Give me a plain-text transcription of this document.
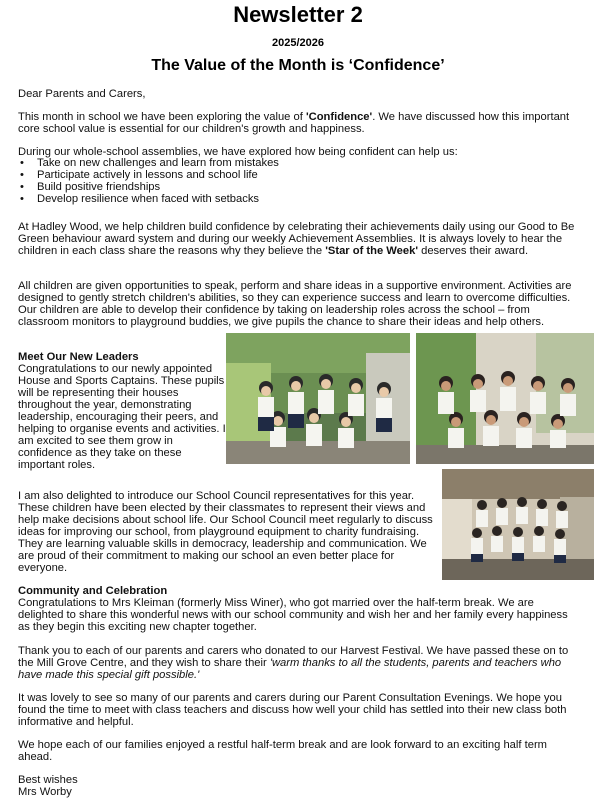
Newsletter 2
2025/2026
The Value of the Month is ‘Confidence’

Dear Parents and Carers,

This month in school we have been exploring the value of 'Confidence'. We have discussed how this important core school value is essential for our children's growth and happiness.

During our whole-school assemblies, we have explored how being confident can help us:

• Take on new challenges and learn from mistakes
• Participate actively in lessons and school life
• Build positive friendships
• Develop resilience when faced with setbacks

At Hadley Wood, we help children build confidence by celebrating their achievements daily using our Good to Be Green behaviour award system and during our weekly Achievement Assemblies. It is always lovely to hear the children in each class share the reasons why they believe the 'Star of the Week' deserves their award.

All children are given opportunities to speak, perform and share ideas in a supportive environment. Activities are designed to gently stretch children's abilities, so they can experience success and learn to overcome difficulties. Our children are able to develop their confidence by taking on leadership roles across the school – from classroom monitors to playground buddies, we give pupils the chance to share their ideas and help others.

Meet Our New Leaders
Congratulations to our newly appointed House and Sports Captains. These pupils will be representing their houses throughout the year, demonstrating leadership, encouraging their peers, and helping to organise events and activities. I am excited to see them grow in confidence as they take on these important roles.

I am also delighted to introduce our School Council representatives for this year. These children have been elected by their classmates to represent their views and help make decisions about school life. Our School Council meet regularly to discuss ideas for improving our school, from playground equipment to charity fundraising. They are learning valuable skills in democracy, leadership and communication. We are proud of their commitment to making our school an even better place for everyone.

Community and Celebration
Congratulations to Mrs Kleiman (formerly Miss Winer), who got married over the half-term break. We are delighted to share this wonderful news with our school community and wish her and her family every happiness as they begin this exciting new chapter together.

Thank you to each of our parents and carers who donated to our Harvest Festival. We have passed these on to the Mill Grove Centre, and they wish to share their 'warm thanks to all the students, parents and teachers who have made this special gift possible.'

It was lovely to see so many of our parents and carers during our Parent Consultation Evenings. We hope you found the time to meet with class teachers and discuss how well your child has settled into their new class both informative and helpful.

We hope each of our families enjoyed a restful half-term break and are look forward to an exciting half term ahead.

Best wishes
Mrs Worby
